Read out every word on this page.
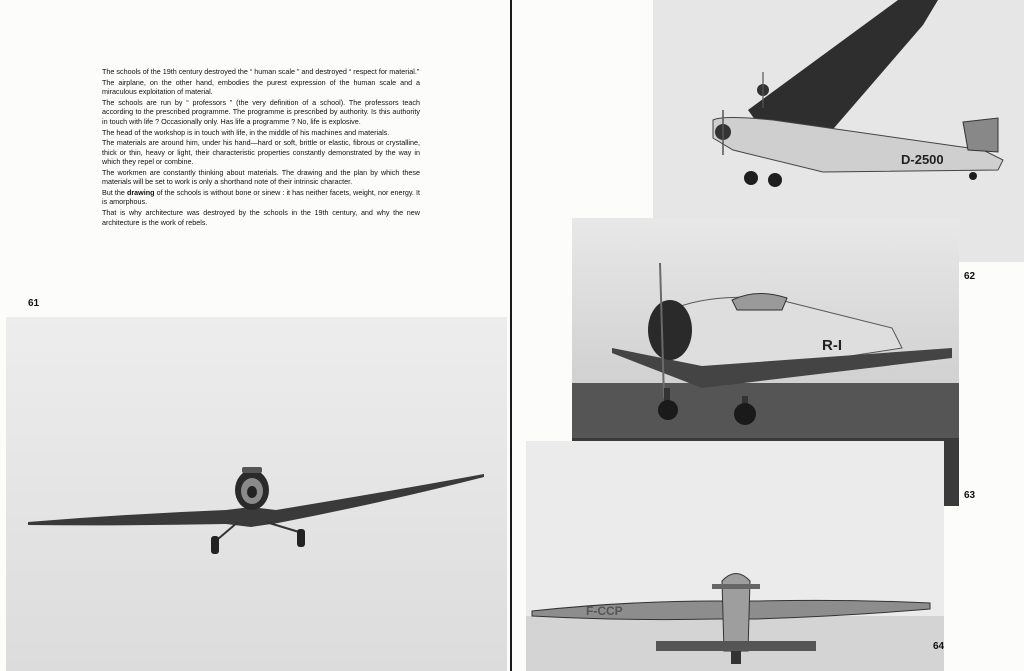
The schools of the 19th century destroyed the “ human scale ” and destroyed “ respect for material.”

The airplane, on the other hand, embodies the purest expression of the human scale and a miraculous exploitation of material.

The schools are run by “ professors ” (the very definition of a school). The professors teach according to the prescribed programme. The programme is prescribed by authority. Is this authority in touch with life ? Occasionally only. Has life a programme ? No, life is explosive.

The head of the workshop is in touch with life, in the middle of his machines and materials.

The materials are around him, under his hand—hard or soft, brittle or elastic, fibrous or crystalline, thick or thin, heavy or light, their characteristic properties constantly demonstrated by the way in which they repel or combine.

The workmen are constantly thinking about materials. The drawing and the plan by which these materials will be set to work is only a shorthand note of their intrinsic character.

But the drawing of the schools is without bone or sinew : it has neither facets, weight, nor energy. It is amorphous.

That is why architecture was destroyed by the schools in the 19th century, and why the new architecture is the work of rebels.

61
D-2500
62
R-I
63
F-CCP
64
